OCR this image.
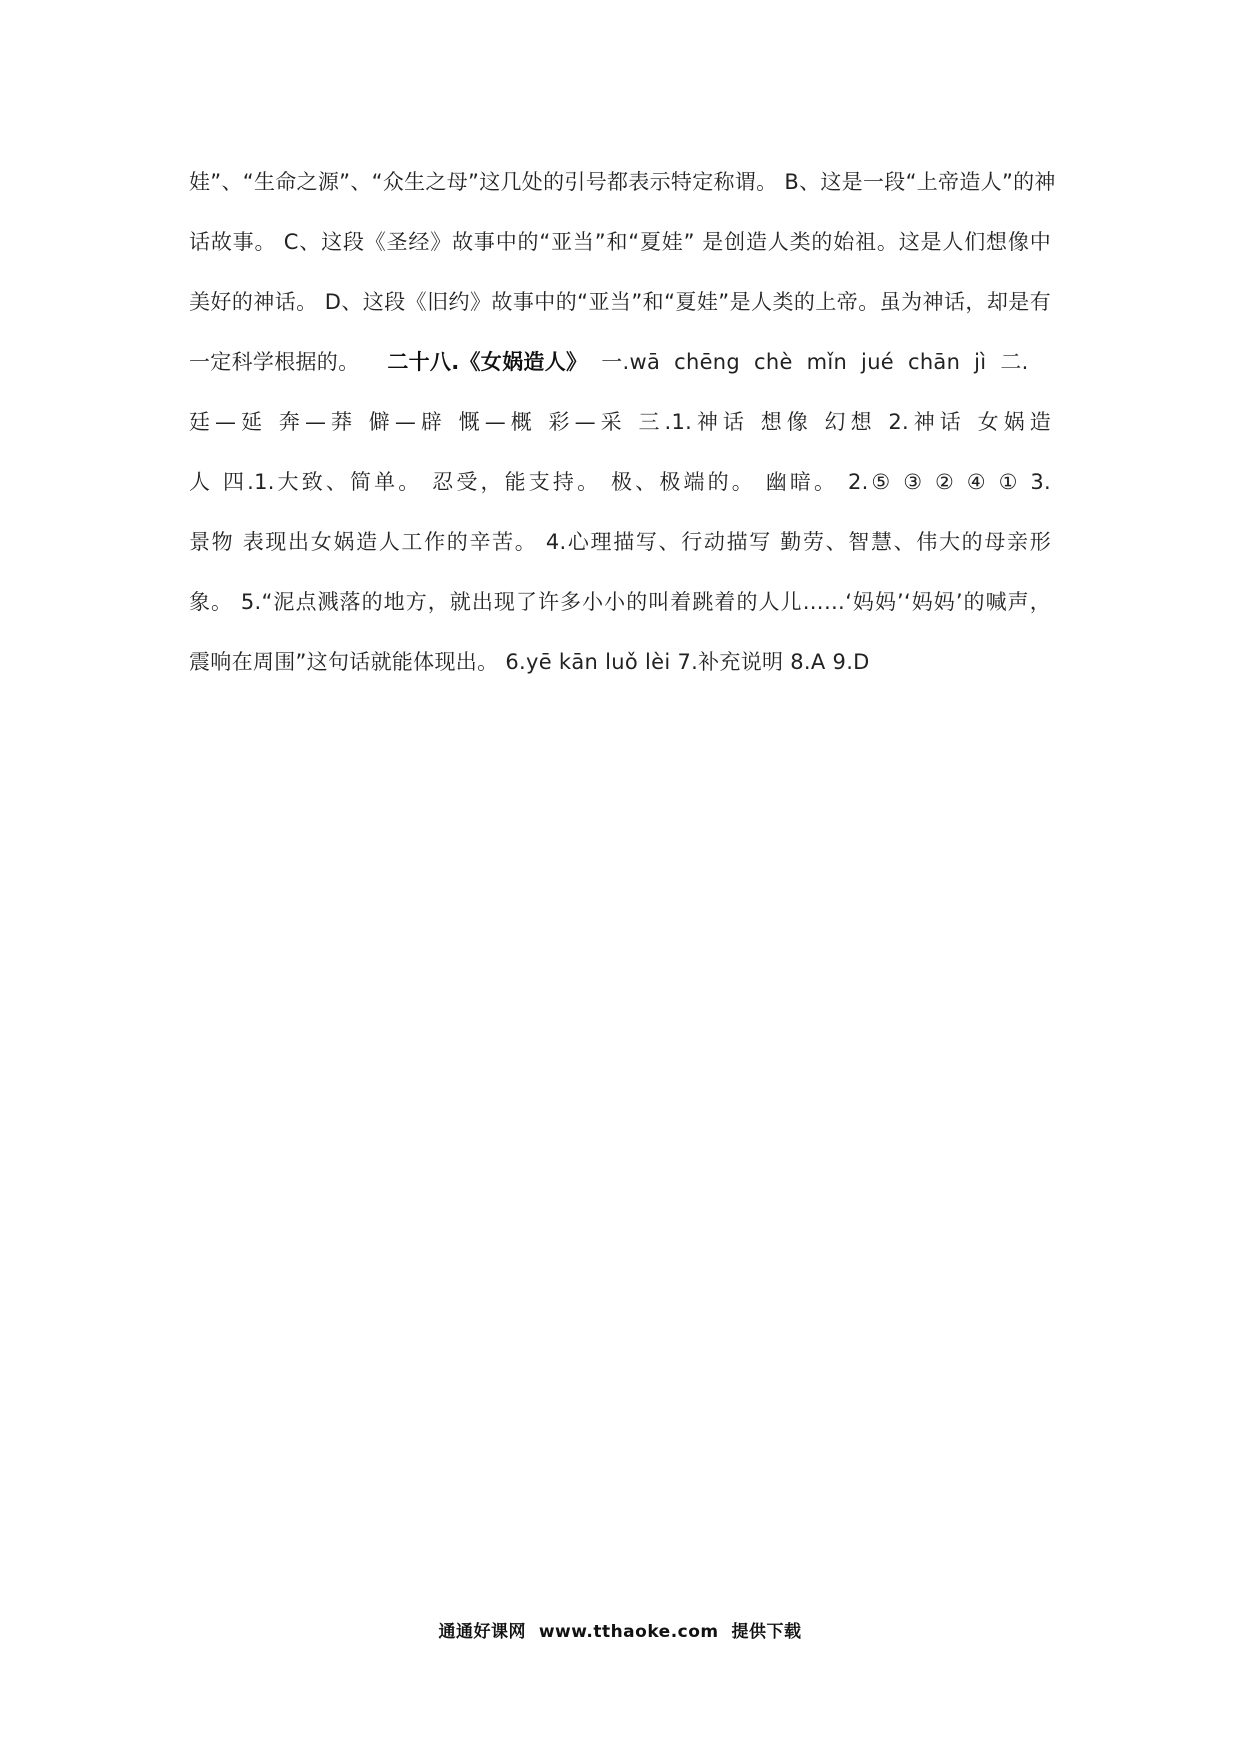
娃”、“生命之源”、“众生之母”这几处的引号都表示特定称谓。 B、这是一段“上帝造人”的神
话故事。 C、这段《圣经》故事中的“亚当”和“夏娃” 是创造人类的始祖。这是人们想像中
美好的神话。 D、这段《旧约》故事中的“亚当”和“夏娃”是人类的上帝。虽为神话，却是有
一定科学根据的。    二十八.《女娲造人》  一.wā  chēng  chè  mǐn  jué  chān  jì  二.
廷—延 奔—莽 僻—辟 慨—概 彩—采 三.1.神话 想像 幻想 2.神话 女娲造
人 四.1.大致、简单。 忍受，能支持。 极、极端的。 幽暗。 2.⑤ ③ ② ④ ① 3.
景物 表现出女娲造人工作的辛苦。 4.心理描写、行动描写 勤劳、智慧、伟大的母亲形
象。 5.“泥点溅落的地方，就出现了许多小小的叫着跳着的人儿……‘妈妈’‘妈妈’的喊声，
震响在周围”这句话就能体现出。 6.yē kān luǒ lèi 7.补充说明 8.A 9.D
通通好课网  www.tthaoke.com  提供下载
